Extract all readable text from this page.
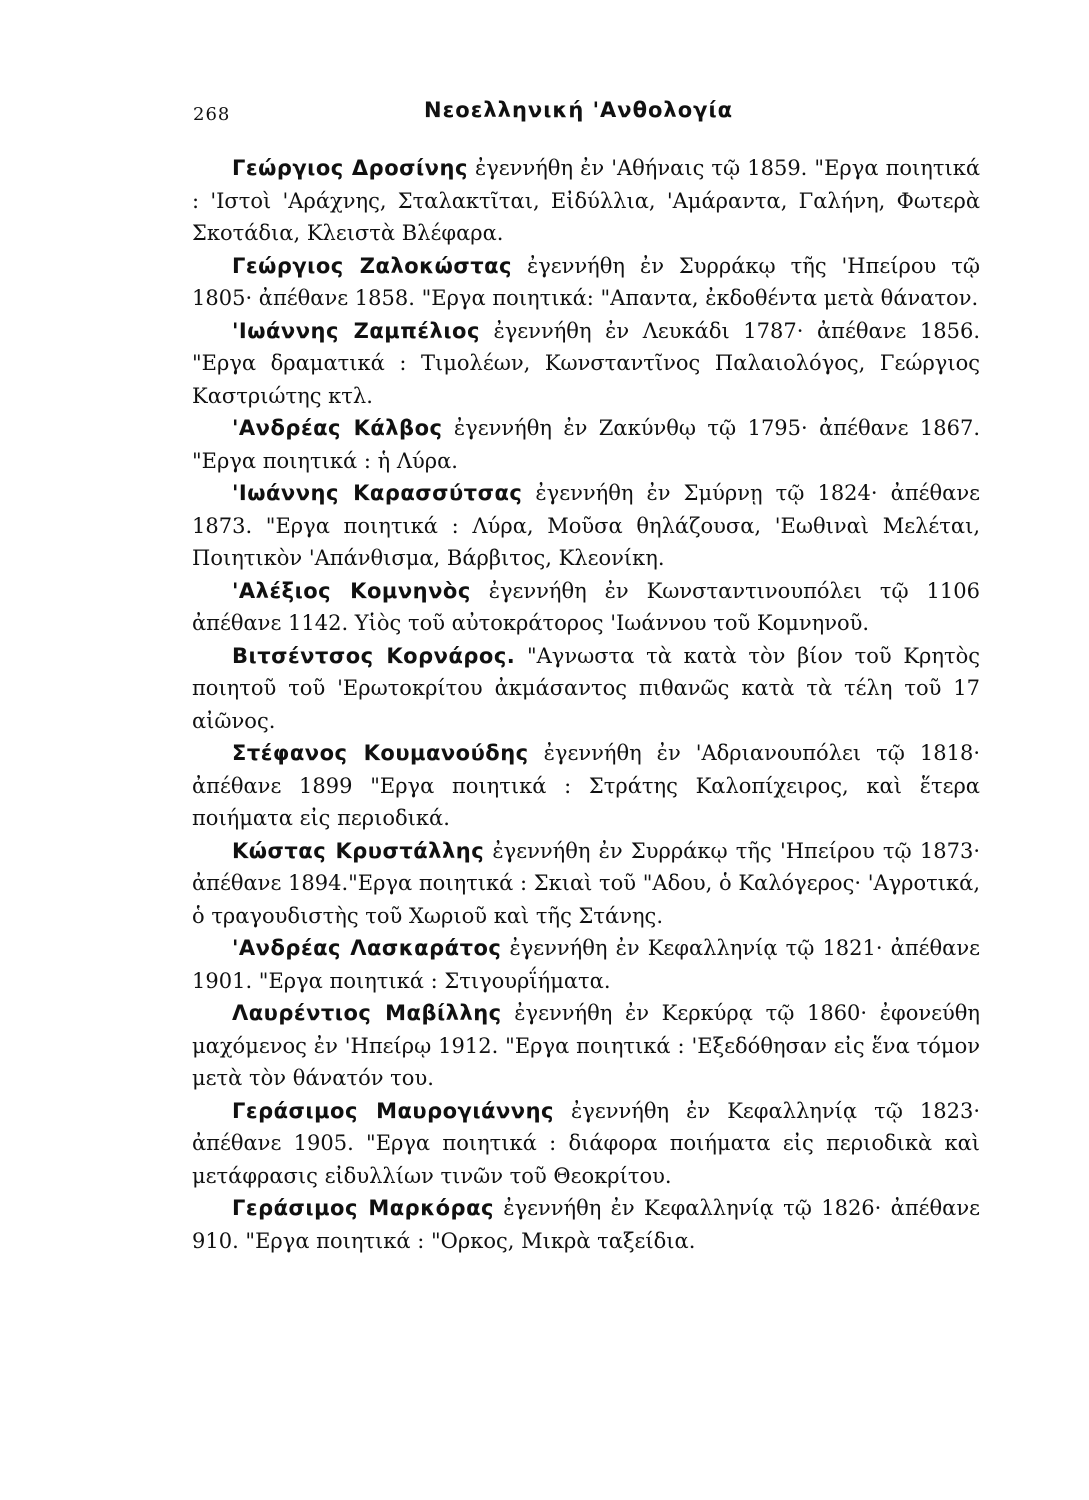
268	Νεοελληνική 'Ανθολογία

Γεώργιος Δροσίνης ἐγεννήθη ἐν 'Αθήναις τῷ 1859. "Εργα ποιητικά : 'Ιστοὶ 'Αράχνης, Σταλακτῖται, Εἰδύλλια, 'Αμάραντα, Γαλήνη, Φωτερὰ Σκοτάδια, Κλειστὰ Βλέφαρα.

Γεώργιος Ζαλοκώστας ἐγεννήθη ἐν Συρράκῳ τῆς 'Ηπείρου τῷ 1805· ἀπέθανε 1858. "Εργα ποιητικά: "Απαντα, ἐκδοθέντα μετὰ θάνατον.

'Ιωάννης Ζαμπέλιος ἐγεννήθη ἐν Λευκάδι 1787· ἀπέθανε 1856. "Εργα δραματικά : Τιμολέων, Κωνσταντῖνος Παλαιολόγος, Γεώργιος Καστριώτης κτλ.

'Ανδρέας Κάλβος ἐγεννήθη ἐν Ζακύνθῳ τῷ 1795· ἀπέθανε 1867. "Εργα ποιητικά : ἡ Λύρα.

'Ιωάννης Καρασσύτσας ἐγεννήθη ἐν Σμύρνῃ τῷ 1824· ἀπέθανε 1873. "Εργα ποιητικά : Λύρα, Μοῦσα θηλάζουσα, 'Εωθιναὶ Μελέται, Ποιητικὸν 'Απάνθισμα, Βάρβιτος, Κλεονίκη.

'Αλέξιος Κομνηνὸς ἐγεννήθη ἐν Κωνσταντινουπόλει τῷ 1106 ἀπέθανε 1142. Υἱὸς τοῦ αὐτοκράτορος 'Ιωάννου τοῦ Κομνηνοῦ.

Βιτσέντσος Κορνάρος. "Αγνωστα τὰ κατὰ τὸν βίον τοῦ Κρητὸς ποιητοῦ τοῦ 'Ερωτοκρίτου ἀκμάσαντος πιθανῶς κατὰ τὰ τέλη τοῦ 17 αἰῶνος.

Στέφανος Κουμανούδης ἐγεννήθη ἐν 'Αδριανουπόλει τῷ 1818· ἀπέθανε 1899 "Εργα ποιητικά : Στράτης Καλοπίχειρος, καὶ ἕτερα ποιήματα εἰς περιοδικά.

Κώστας Κρυστάλλης ἐγεννήθη ἐν Συρράκῳ τῆς 'Ηπείρου τῷ 1873· ἀπέθανε 1894."Εργα ποιητικά : Σκιαὶ τοῦ "Αδου, ὁ Καλόγερος· 'Αγροτικά, ὁ τραγουδιστὴς τοῦ Χωριοῦ καὶ τῆς Στάνης.

'Ανδρέας Λασκαράτος ἐγεννήθη ἐν Κεφαλληνίᾳ τῷ 1821· ἀπέθανε 1901. "Εργα ποιητικά : Στιγουρΐήματα.

Λαυρέντιος Μαβίλλης ἐγεννήθη ἐν Κερκύρᾳ τῷ 1860· ἐφονεύθη μαχόμενος ἐν 'Ηπείρῳ 1912. "Εργα ποιητικά : 'Εξεδόθησαν εἰς ἕνα τόμον μετὰ τὸν θάνατόν του.

Γεράσιμος Μαυρογιάννης ἐγεννήθη ἐν Κεφαλληνίᾳ τῷ 1823· ἀπέθανε 1905. "Εργα ποιητικά : διάφορα ποιήματα εἰς περιοδικὰ καὶ μετάφρασις εἰδυλλίων τινῶν τοῦ Θεοκρίτου.

Γεράσιμος Μαρκόρας ἐγεννήθη ἐν Κεφαλληνίᾳ τῷ 1826· ἀπέθανε 910. "Εργα ποιητικά : "Ορκος, Μικρὰ ταξείδια.
